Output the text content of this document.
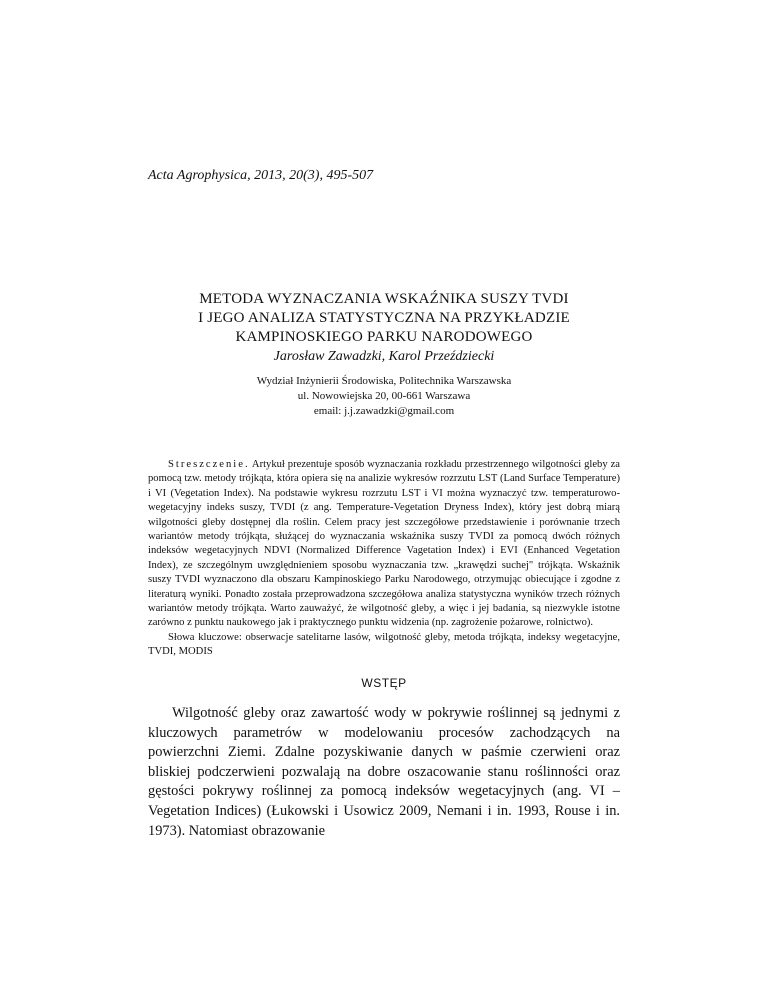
Acta Agrophysica, 2013, 20(3), 495-507
METODA WYZNACZANIA WSKAŹNIKA SUSZY TVDI
I JEGO ANALIZA STATYSTYCZNA NA PRZYKŁADZIE
KAMPINOSKIEGO PARKU NARODOWEGO
Jarosław Zawadzki, Karol Przeździecki
Wydział Inżynierii Środowiska, Politechnika Warszawska
ul. Nowowiejska 20, 00-661 Warszawa
email: j.j.zawadzki@gmail.com

Streszczenie. Artykuł prezentuje sposób wyznaczania rozkładu przestrzennego wilgotności gleby za pomocą tzw. metody trójkąta, która opiera się na analizie wykresów rozrzutu LST (Land Surface Temperature) i VI (Vegetation Index). Na podstawie wykresu rozrzutu LST i VI można wyznaczyć tzw. temperaturowo-wegetacyjny indeks suszy, TVDI (z ang. Temperature-Vegetation Dryness Index), który jest dobrą miarą wilgotności gleby dostępnej dla roślin. Celem pracy jest szczegółowe przedstawienie i porównanie trzech wariantów metody trójkąta, służącej do wyznaczania wskaźnika suszy TVDI za pomocą dwóch różnych indeksów wegetacyjnych NDVI (Normalized Difference Vagetation Index) i EVI (Enhanced Vegetation Index), ze szczególnym uwzględnieniem sposobu wyznaczania tzw. „krawędzi suchej" trójkąta. Wskaźnik suszy TVDI wyznaczono dla obszaru Kampinoskiego Parku Narodowego, otrzymując obiecujące i zgodne z literaturą wyniki. Ponadto została przeprowadzona szczegółowa analiza statystyczna wyników trzech różnych wariantów metody trójkąta. Warto zauważyć, że wilgotność gleby, a więc i jej badania, są niezwykle istotne zarówno z punktu naukowego jak i praktycznego punktu widzenia (np. zagrożenie pożarowe, rolnictwo).

Słowa kluczowe: obserwacje satelitarne lasów, wilgotność gleby, metoda trójkąta, indeksy wegetacyjne, TVDI, MODIS

WSTĘP

Wilgotność gleby oraz zawartość wody w pokrywie roślinnej są jednymi z kluczowych parametrów w modelowaniu procesów zachodzących na powierzchni Ziemi. Zdalne pozyskiwanie danych w paśmie czerwieni oraz bliskiej podczerwieni pozwalają na dobre oszacowanie stanu roślinności oraz gęstości pokrywy roślinnej za pomocą indeksów wegetacyjnych (ang. VI – Vegetation Indices) (Łukowski i Usowicz 2009, Nemani i in. 1993, Rouse i in. 1973). Natomiast obrazowanie
